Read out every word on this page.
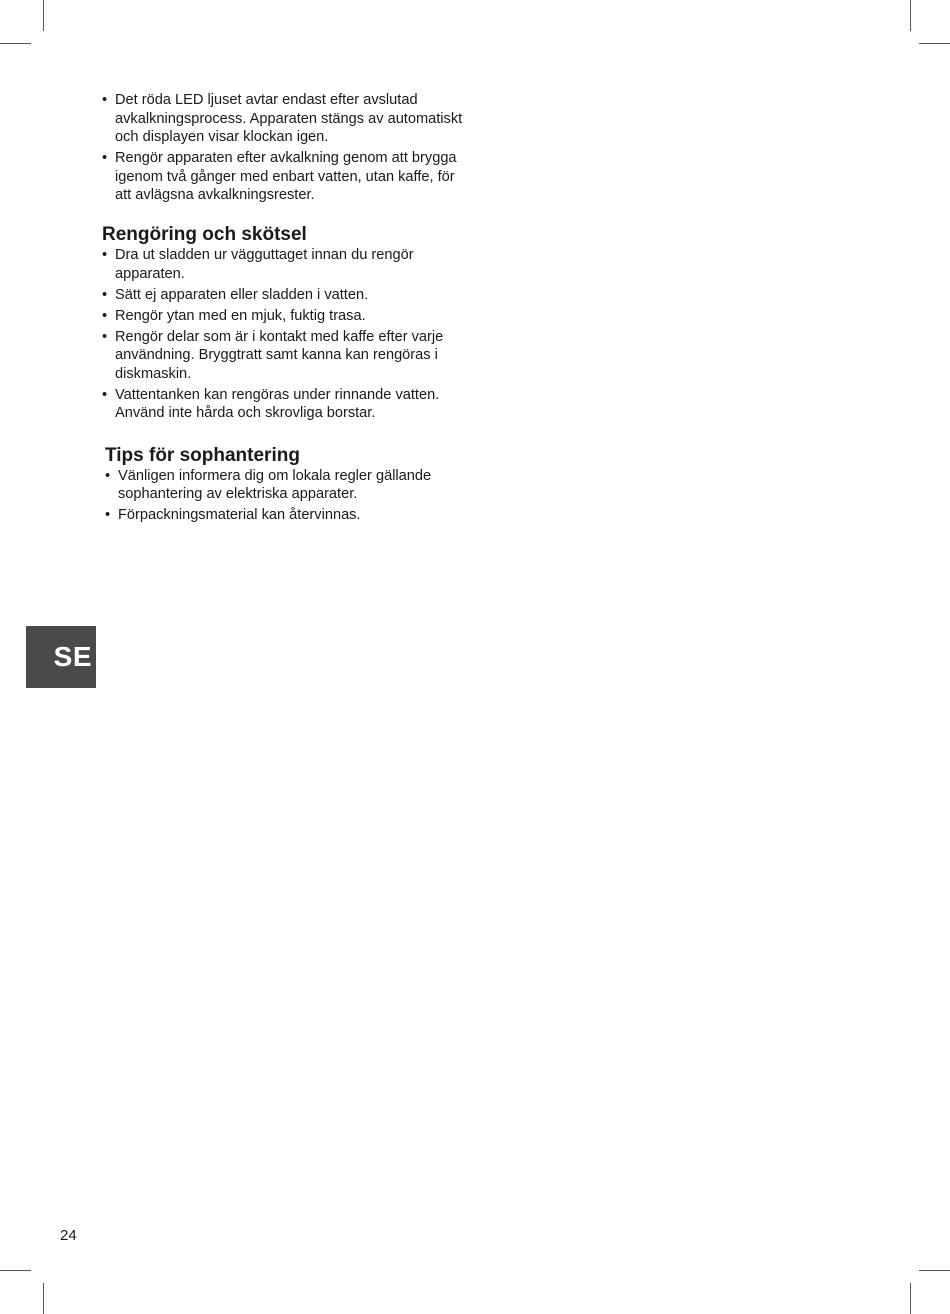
• Det röda LED ljuset avtar endast efter avslutad avkalkningsprocess. Apparaten stängs av automatiskt och displayen visar klockan igen.
• Rengör apparaten efter avkalkning genom att brygga igenom två gånger med enbart vatten, utan kaffe, för att avlägsna avkalkningsrester.
Rengöring och skötsel
• Dra ut sladden ur vägguttaget innan du rengör apparaten.
• Sätt ej apparaten eller sladden i vatten.
• Rengör ytan med en mjuk, fuktig trasa.
• Rengör delar som är i kontakt med kaffe efter varje användning. Bryggtratt samt kanna kan rengöras i diskmaskin.
• Vattentanken kan rengöras under rinnande vatten. Använd inte hårda och skrovliga borstar.
Tips för sophantering
• Vänligen informera dig om lokala regler gällande sophantering av elektriska apparater.
• Förpackningsmaterial kan återvinnas.
SE
24
